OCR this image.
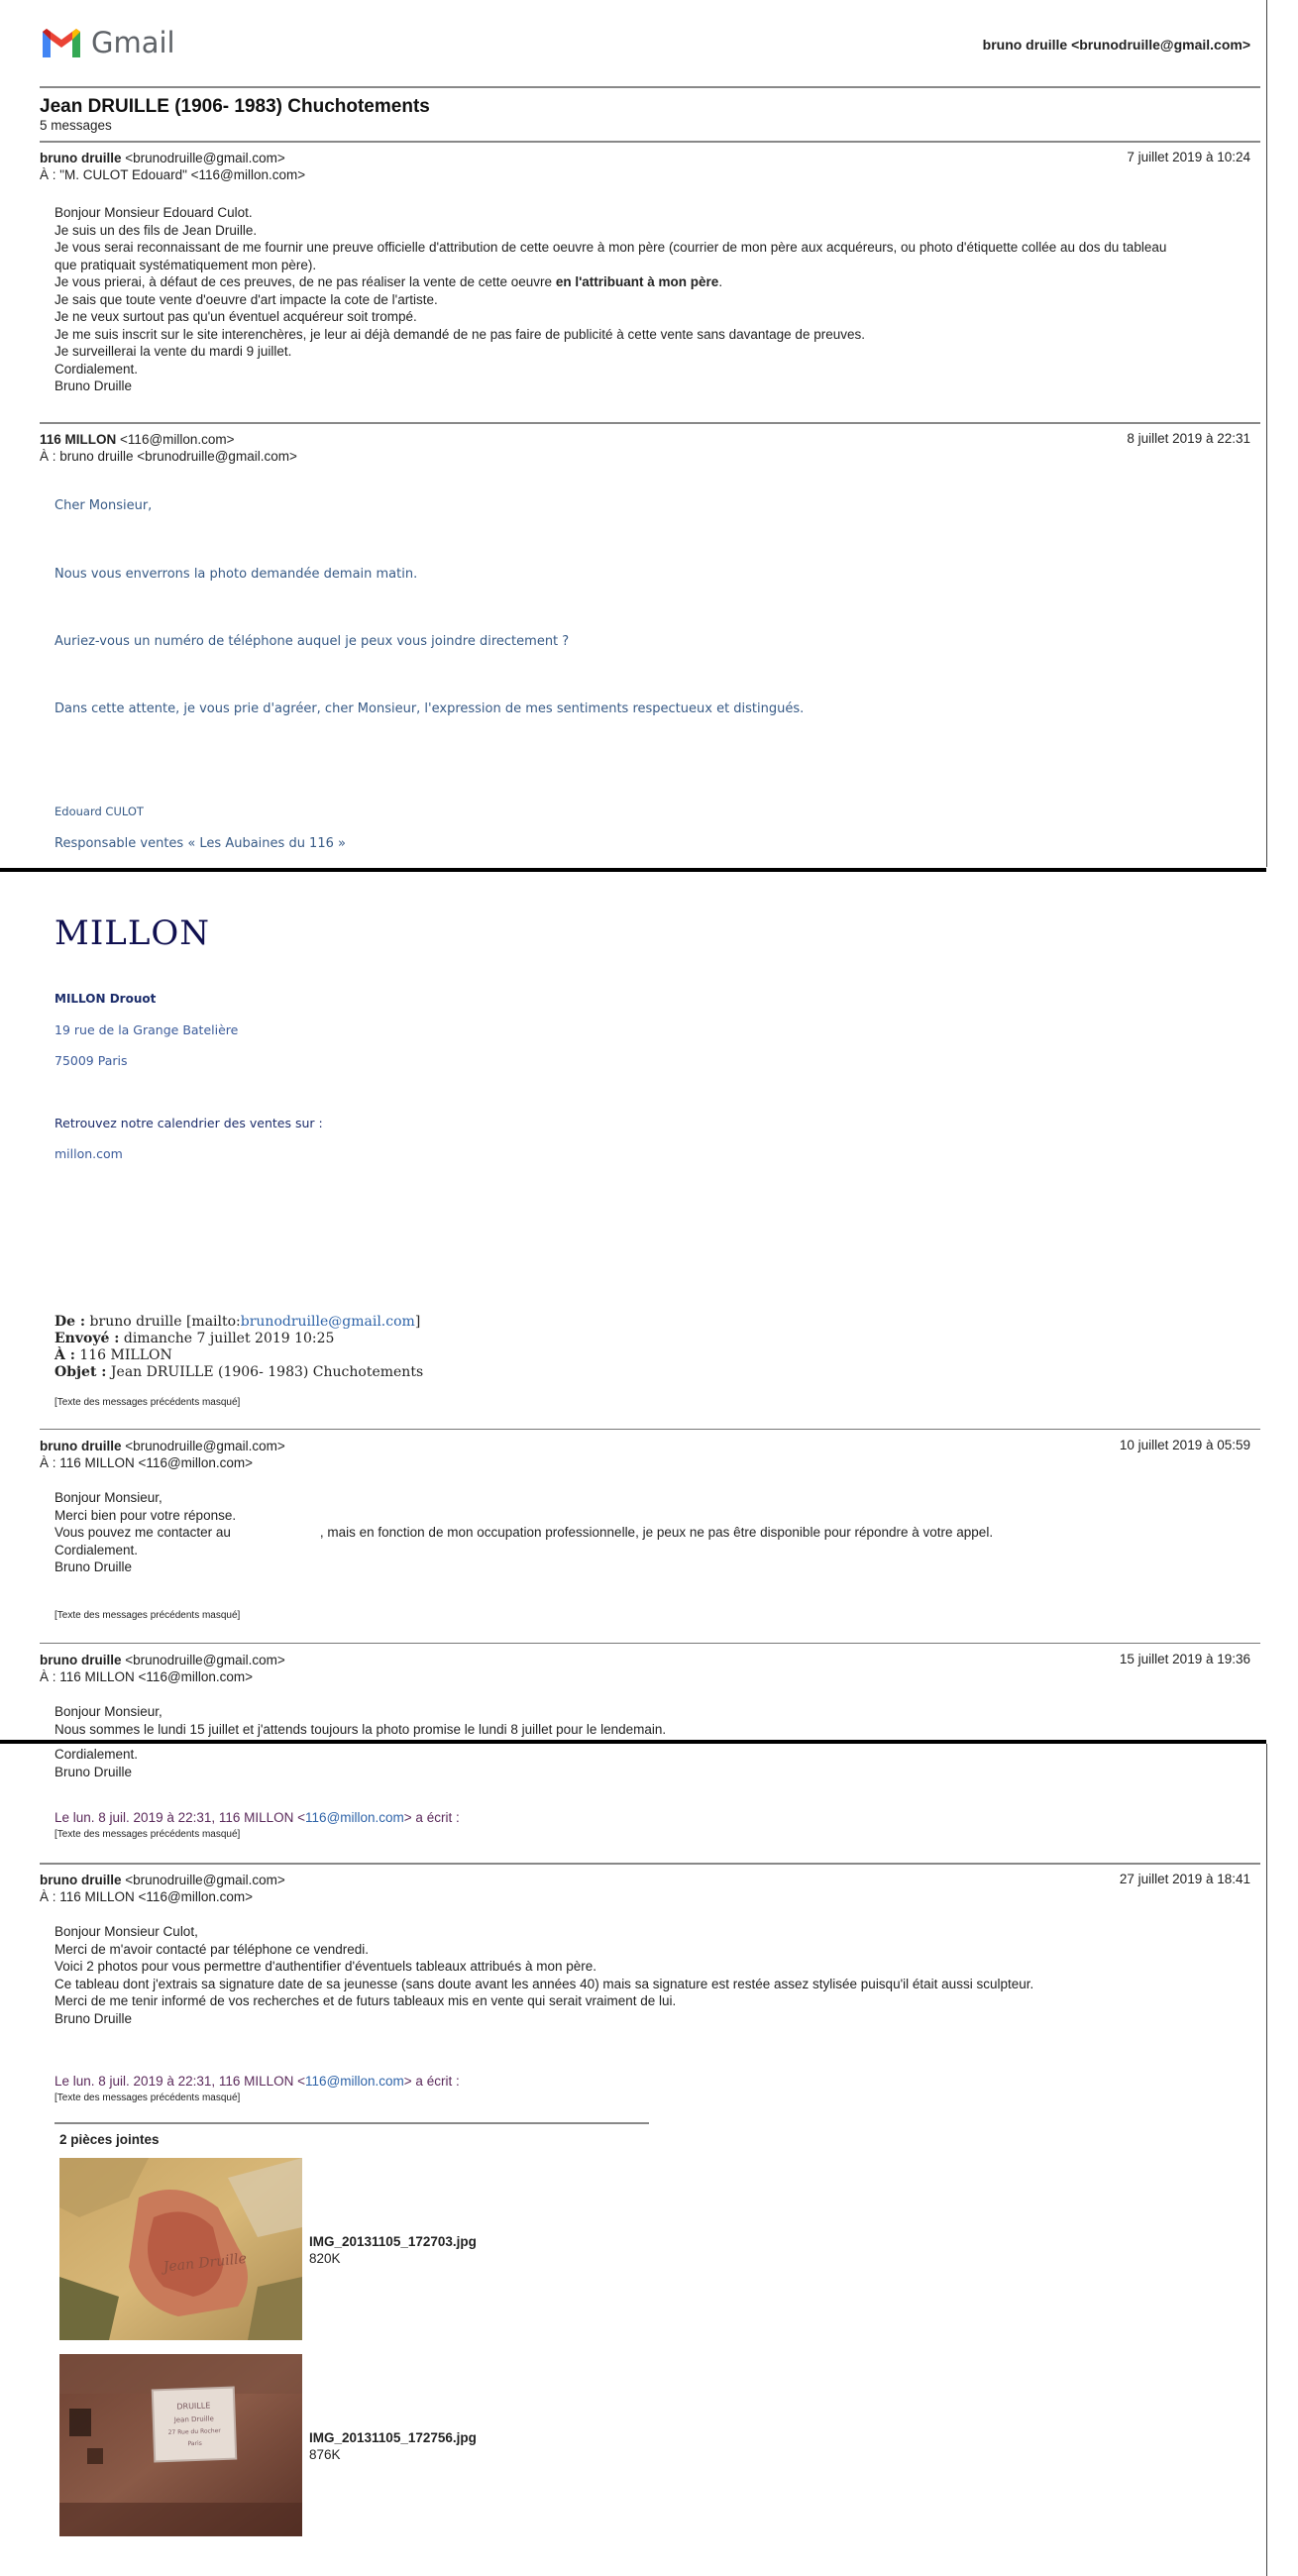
Gmail	bruno druille <brunodruille@gmail.com>
Jean DRUILLE (1906- 1983) Chuchotements
5 messages
bruno druille <brunodruille@gmail.com>	7 juillet 2019 à 10:24
À : "M. CULOT Edouard" <116@millon.com>

Bonjour Monsieur Edouard Culot.

Je suis un des fils de Jean Druille.

Je vous serai reconnaissant de me fournir une preuve officielle d'attribution de cette oeuvre à mon père (courrier de mon père aux acquéreurs, ou photo d'étiquette collée au dos du tableau

que pratiquait systématiquement mon père).

Je vous prierai, à défaut de ces preuves, de ne pas réaliser la vente de cette oeuvre en l'attribuant à mon père.

Je sais que toute vente d'oeuvre d'art impacte la cote de l'artiste.

Je ne veux surtout pas qu'un éventuel acquéreur soit trompé.

Je me suis inscrit sur le site interenchères, je leur ai déjà demandé de ne pas faire de publicité à cette vente sans davantage de preuves.

Je surveillerai la vente du mardi 9 juillet.

Cordialement.

Bruno Druille

116 MILLON <116@millon.com>	8 juillet 2019 à 22:31
À : bruno druille <brunodruille@gmail.com>
Cher Monsieur,
Nous vous enverrons la photo demandée demain matin.
Auriez-vous un numéro de téléphone auquel je peux vous joindre directement ?
Dans cette attente, je vous prie d'agréer, cher Monsieur, l'expression de mes sentiments respectueux et distingués.
Edouard CULOT
Responsable ventes « Les Aubaines du 116 »
MILLON
MILLON Drouot
19 rue de la Grange Batelière
75009 Paris
Retrouvez notre calendrier des ventes sur :
millon.com
De : bruno druille [mailto:brunodruille@gmail.com]
Envoyé : dimanche 7 juillet 2019 10:25
À : 116 MILLON
Objet : Jean DRUILLE (1906- 1983) Chuchotements
[Texte des messages précédents masqué]
bruno druille <brunodruille@gmail.com>	10 juillet 2019 à 05:59
À : 116 MILLON <116@millon.com>

Bonjour Monsieur,

Merci bien pour votre réponse.

Vous pouvez me contacter au                        , mais en fonction de mon occupation professionnelle, je peux ne pas être disponible pour répondre à votre appel.

Cordialement.

Bruno Druille

[Texte des messages précédents masqué]
bruno druille <brunodruille@gmail.com>	15 juillet 2019 à 19:36
À : 116 MILLON <116@millon.com>

Bonjour Monsieur,

Nous sommes le lundi 15 juillet et j'attends toujours la photo promise le lundi 8 juillet pour le lendemain.

Cordialement.

Bruno Druille

Le lun. 8 juil. 2019 à 22:31, 116 MILLON <116@millon.com> a écrit :
[Texte des messages précédents masqué]
bruno druille <brunodruille@gmail.com>	27 juillet 2019 à 18:41
À : 116 MILLON <116@millon.com>

Bonjour Monsieur Culot,

Merci de m'avoir contacté par téléphone ce vendredi.

Voici 2 photos pour vous permettre d'authentifier d'éventuels tableaux attribués à mon père.

Ce tableau dont j'extrais sa signature date de sa jeunesse (sans doute avant les années 40) mais sa signature est restée assez stylisée puisqu'il était aussi sculpteur.

Merci de me tenir informé de vos recherches et de futurs tableaux mis en vente qui serait vraiment de lui.

Bruno Druille

Le lun. 8 juil. 2019 à 22:31, 116 MILLON <116@millon.com> a écrit :
[Texte des messages précédents masqué]
2 pièces jointes
Jean Druille
IMG_20131105_172703.jpg
820K
DRUILLE
Jean Druille
27 Rue du Rocher
Paris	IMG_20131105_172756.jpg
876K
